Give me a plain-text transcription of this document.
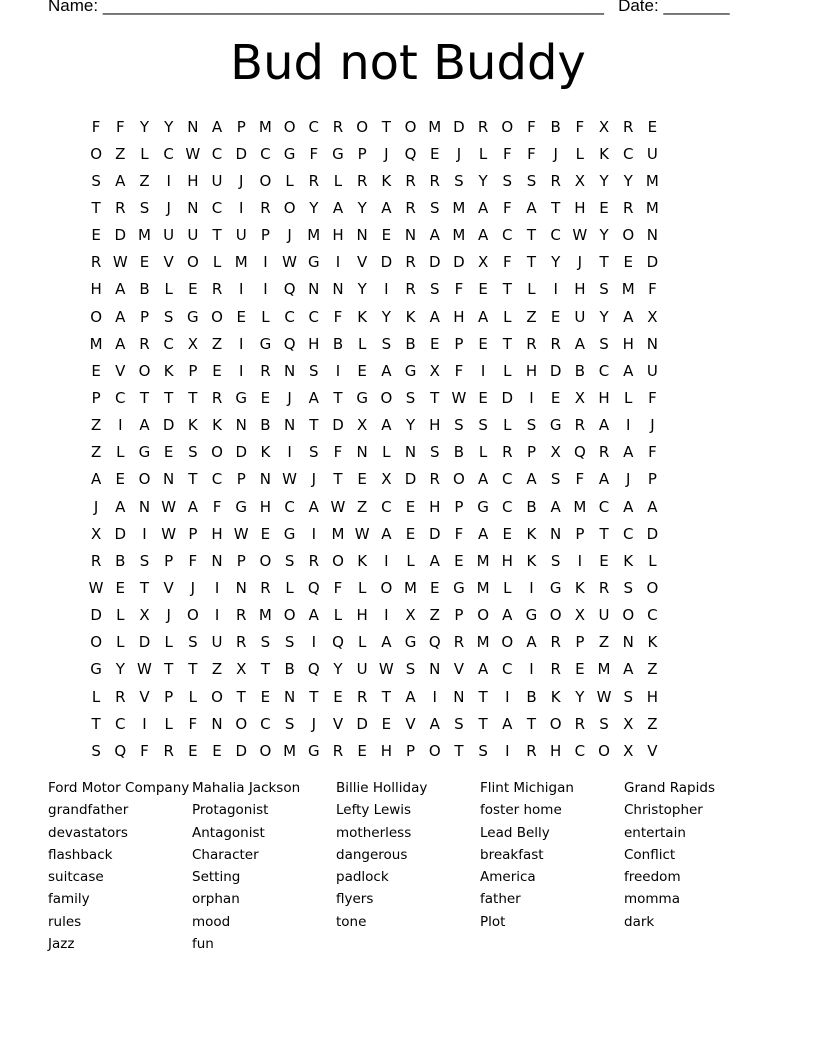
Name: _____________________________________________________ Date: _______
Bud not Buddy
F	F	Y	Y N A P M O C R O T O M D R O F B F X R E
O Z L C W C D C G F G P	J	Q E	J	L	F	F	J	L	K C U
S A Z	I	H U	J	O L R L R K R R S Y S S R X Y	Y M
T R S	J	N C	I	R O Y A Y A R S M A F A T H E R M
E D M U U T U P	J	M H N E N A M A C T C W Y O N
R W E V O L M	I W G	I	V D R D D X F	T	Y	J	T E D
H A B L	E R	I	I	Q N N Y	I	R S	F	E T	L	I	H S M F
O A P S G O E	L C C F K Y K A H A L Z E U Y A X
M A R C X Z	I	G Q H B L	S B E P E T R R A S H N
E V O K P E	I	R N S	I	E A G X F	I	L H D B C A U
P C T	T	T R G E	J	A T G O S T W E D	I	E X H L	F
Z	I	A D K K N B N T D X A Y H S S	L	S G R A	I	J
Z L G E S O D K	I	S	F N L N S B L R P X Q R A F
A E O N T C P N W J	T E X D R O A C A S	F A	J	P
J	A N W A F G H C A W Z C E H P G C B A M C A A
X D	I W P H W E G	I	M W A E D F A E K N P	T C D
R B S P	F N P O S R O K	I	L A E M H K S	I	E K	L
W E T V	J	I	N R L Q F	L O M E G M L	I	G K R S O
D L X	J	O	I	R M O A L H	I	X Z P O A G O X U O C
O L D L	S U R S S	I	Q L A G Q R M O A R P Z N K
G Y W T	T Z X T B Q Y U W S N V A C	I	R E M A Z
L R V P	L O T E N T E R T A	I	N T	I	B K Y W S H
T C	I	L	F N O C S	J	V D E V A S T A T O R S X Z
S Q F R E E D O M G R E H P O T S	I	R H C O X V
Ford Motor Company
grandfather
devastators
flashback
suitcase
family
rules
Jazz
Mahalia Jackson
Protagonist
Antagonist
Character
Setting
orphan
mood
fun
Billie Holliday
Lefty Lewis
motherless
dangerous
padlock
flyers
tone
Flint Michigan
foster home
Lead Belly
breakfast
America
father
Plot
Grand Rapids
Christopher
entertain
Conflict
freedom
momma
dark
